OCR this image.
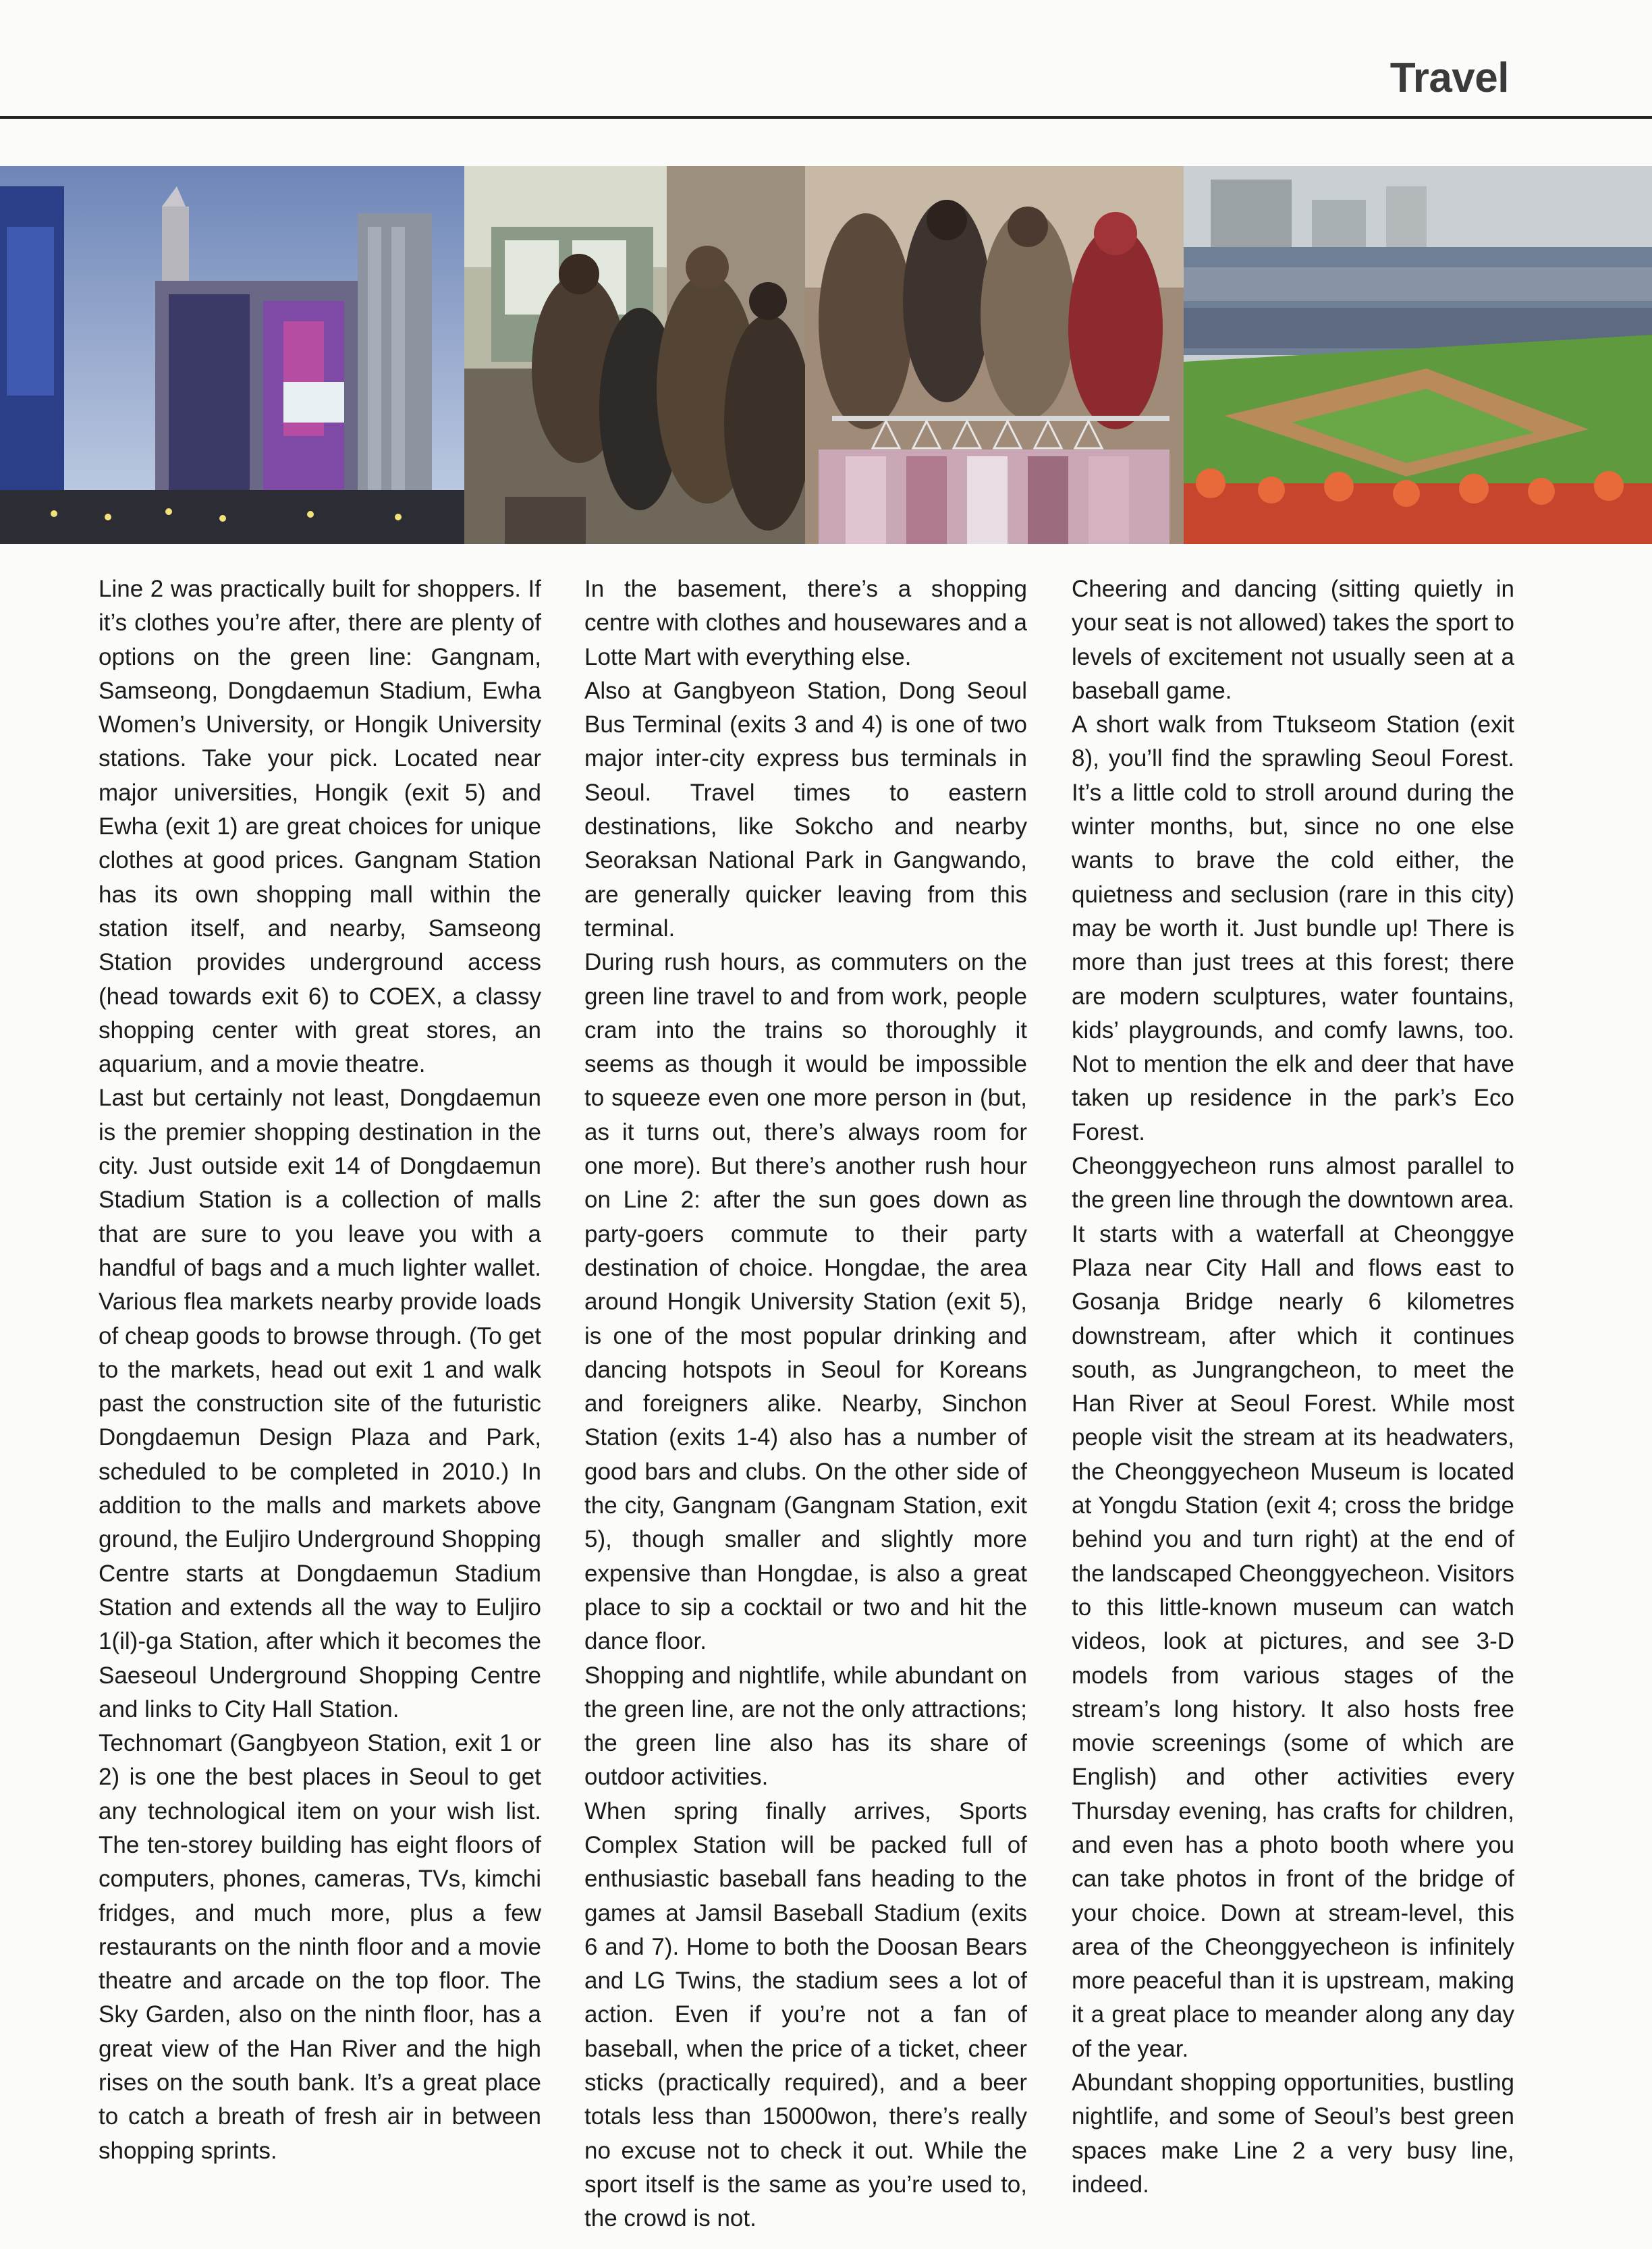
Travel

Line 2 was practically built for shoppers. If it’s clothes you’re after, there are plenty of options on the green line: Gangnam, Samseong, Dongdaemun Stadium, Ewha Women’s University, or Hongik University stations. Take your pick. Located near major universities, Hongik (exit 5) and Ewha (exit 1) are great choices for unique clothes at good prices. Gangnam Station has its own shopping mall within the station itself, and nearby, Samseong Station provides underground access (head towards exit 6) to COEX, a classy shopping center with great stores, an aquarium, and a movie theatre.

Last but certainly not least, Dongdaemun is the premier shopping destination in the city. Just outside exit 14 of Dongdaemun Stadium Station is a collection of malls that are sure to you leave you with a handful of bags and a much lighter wallet. Various flea markets nearby provide loads of cheap goods to browse through. (To get to the markets, head out exit 1 and walk past the construction site of the futuristic Dongdaemun Design Plaza and Park, scheduled to be completed in 2010.) In addition to the malls and markets above ground, the Euljiro Underground Shopping Centre starts at Dongdaemun Stadium Station and extends all the way to Euljiro 1(il)-ga Station, after which it becomes the Saeseoul Underground Shopping Centre and links to City Hall Station.

Technomart (Gangbyeon Station, exit 1 or 2) is one the best places in Seoul to get any technological item on your wish list. The ten-storey building has eight floors of computers, phones, cameras, TVs, kimchi fridges, and much more, plus a few restaurants on the ninth floor and a movie theatre and arcade on the top floor. The Sky Garden, also on the ninth floor, has a great view of the Han River and the high rises on the south bank. It’s a great place to catch a breath of fresh air in between shopping sprints.

In the basement, there’s a shopping centre with clothes and housewares and a Lotte Mart with everything else.

Also at Gangbyeon Station, Dong Seoul Bus Terminal (exits 3 and 4) is one of two major inter-city express bus terminals in Seoul. Travel times to eastern destinations, like Sokcho and nearby Seoraksan National Park in Gangwando, are generally quicker leaving from this terminal.

During rush hours, as commuters on the green line travel to and from work, people cram into the trains so thoroughly it seems as though it would be impossible to squeeze even one more person in (but, as it turns out, there’s always room for one more). But there’s another rush hour on Line 2: after the sun goes down as party-goers commute to their party destination of choice. Hongdae, the area around Hongik University Station (exit 5), is one of the most popular drinking and dancing hotspots in Seoul for Koreans and foreigners alike. Nearby, Sinchon Station (exits 1-4) also has a number of good bars and clubs. On the other side of the city, Gangnam (Gangnam Station, exit 5), though smaller and slightly more expensive than Hongdae, is also a great place to sip a cocktail or two and hit the dance floor.

Shopping and nightlife, while abundant on the green line, are not the only attractions; the green line also has its share of outdoor activities.

When spring finally arrives, Sports Complex Station will be packed full of enthusiastic baseball fans heading to the games at Jamsil Baseball Stadium (exits 6 and 7). Home to both the Doosan Bears and LG Twins, the stadium sees a lot of action. Even if you’re not a fan of baseball, when the price of a ticket, cheer sticks (practically required), and a beer totals less than 15000won, there’s really no excuse not to check it out. While the sport itself is the same as you’re used to, the crowd is not.

Cheering and dancing (sitting quietly in your seat is not allowed) takes the sport to levels of excitement not usually seen at a baseball game.

A short walk from Ttukseom Station (exit 8), you’ll find the sprawling Seoul Forest. It’s a little cold to stroll around during the winter months, but, since no one else wants to brave the cold either, the quietness and seclusion (rare in this city) may be worth it. Just bundle up! There is more than just trees at this forest; there are modern sculptures, water fountains, kids’ playgrounds, and comfy lawns, too. Not to mention the elk and deer that have taken up residence in the park’s Eco Forest.

Cheonggyecheon runs almost parallel to the green line through the downtown area. It starts with a waterfall at Cheonggye Plaza near City Hall and flows east to Gosanja Bridge nearly 6 kilometres downstream, after which it continues south, as Jungrangcheon, to meet the Han River at Seoul Forest. While most people visit the stream at its headwaters, the Cheonggyecheon Museum is located at Yongdu Station (exit 4; cross the bridge behind you and turn right) at the end of the landscaped Cheonggyecheon. Visitors to this little-known museum can watch videos, look at pictures, and see 3-D models from various stages of the stream’s long history. It also hosts free movie screenings (some of which are English) and other activities every Thursday evening, has crafts for children, and even has a photo booth where you can take photos in front of the bridge of your choice. Down at stream-level, this area of the Cheonggyecheon is infinitely more peaceful than it is upstream, making it a great place to meander along any day of the year.

Abundant shopping opportunities, bustling nightlife, and some of Seoul’s best green spaces make Line 2 a very busy line, indeed.
